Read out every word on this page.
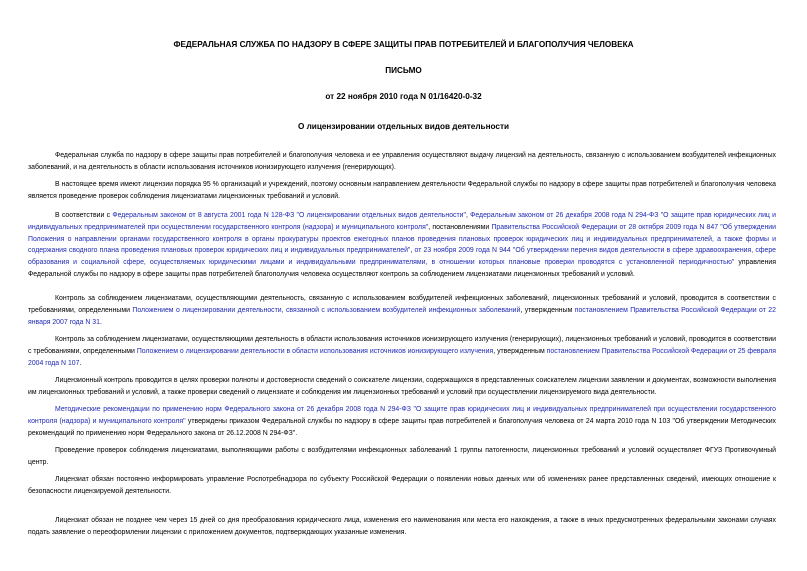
ФЕДЕРАЛЬНАЯ СЛУЖБА ПО НАДЗОРУ В СФЕРЕ ЗАЩИТЫ ПРАВ ПОТРЕБИТЕЛЕЙ И БЛАГОПОЛУЧИЯ ЧЕЛОВЕКА
ПИСЬМО
от 22 ноября 2010 года N 01/16420-0-32
О лицензировании отдельных видов деятельности

Федеральная служба по надзору в сфере защиты прав потребителей и благополучия человека и ее управления осуществляют выдачу лицензий на деятельность, связанную с использованием возбудителей инфекционных заболеваний, и на деятельность в области использования источников ионизирующего излучения (генерирующих).

В настоящее время имеют лицензии порядка 95 % организаций и учреждений, поэтому основным направлением деятельности Федеральной службы по надзору в сфере защиты прав потребителей и благополучия человека является проведение проверок соблюдения лицензиатами лицензионных требований и условий.

В соответствии с Федеральным законом от 8 августа 2001 года N 128-ФЗ "О лицензировании отдельных видов деятельности", Федеральным законом от 26 декабря 2008 года N 294-ФЗ "О защите прав юридических лиц и индивидуальных предпринимателей при осуществлении государственного контроля (надзора) и муниципального контроля", постановлениями Правительства Российской Федерации от 28 октября 2009 года N 847 "Об утверждении Положения о направлении органами государственного контроля в органы прокуратуры проектов ежегодных планов проведения плановых проверок юридических лиц и индивидуальных предпринимателей, а также формы и содержания сводного плана проведения плановых проверок юридических лиц и индивидуальных предпринимателей", от 23 ноября 2009 года N 944 "Об утверждении перечня видов деятельности в сфере здравоохранения, сфере образования и социальной сфере, осуществляемых юридическими лицами и индивидуальными предпринимателями, в отношении которых плановые проверки проводятся с установленной периодичностью" управления Федеральной службы по надзору в сфере защиты прав потребителей благополучия человека осуществляют контроль за соблюдением лицензиатами лицензионных требований и условий.

Контроль за соблюдением лицензиатами, осуществляющими деятельность, связанную с использованием возбудителей инфекционных заболеваний, лицензионных требований и условий, проводится в соответствии с требованиями, определенными Положением о лицензировании деятельности, связанной с использованием возбудителей инфекционных заболеваний, утвержденным постановлением Правительства Российской Федерации от 22 января 2007 года N 31.

Контроль за соблюдением лицензиатами, осуществляющими деятельность в области использования источников ионизирующего излучения (генерирующих), лицензионных требований и условий, проводится в соответствии с требованиями, определенными Положением о лицензировании деятельности в области использования источников ионизирующего излучения, утвержденным постановлением Правительства Российской Федерации от 25 февраля 2004 года N 107.

Лицензионный контроль проводится в целях проверки полноты и достоверности сведений о соискателе лицензии, содержащихся в представленных соискателем лицензии заявлении и документах, возможности выполнения им лицензионных требований и условий, а также проверки сведений о лицензиате и соблюдения им лицензионных требований и условий при осуществлении лицензируемого вида деятельности.

Методические рекомендации по применению норм Федерального закона от 26 декабря 2008 года N 294-ФЗ "О защите прав юридических лиц и индивидуальных предпринимателей при осуществлении государственного контроля (надзора) и муниципального контроля" утверждены приказом Федеральной службы по надзору в сфере защиты прав потребителей и благополучия человека от 24 марта 2010 года N 103 "Об утверждении Методических рекомендаций по применению норм Федерального закона от 26.12.2008 N 294-ФЗ".

Проведение проверок соблюдения лицензиатами, выполняющими работы с возбудителями инфекционных заболеваний 1 группы патогенности, лицензионных требований и условий осуществляет ФГУЗ Противочумный центр.

Лицензиат обязан постоянно информировать управление Роспотребнадзора по субъекту Российской Федерации о появлении новых данных или об изменениях ранее представленных сведений, имеющих отношение к безопасности лицензируемой деятельности.

Лицензиат обязан не позднее чем через 15 дней со дня преобразования юридического лица, изменения его наименования или места его нахождения, а также в иных предусмотренных федеральными законами случаях подать заявление о переоформлении лицензии с приложением документов, подтверждающих указанные изменения.
